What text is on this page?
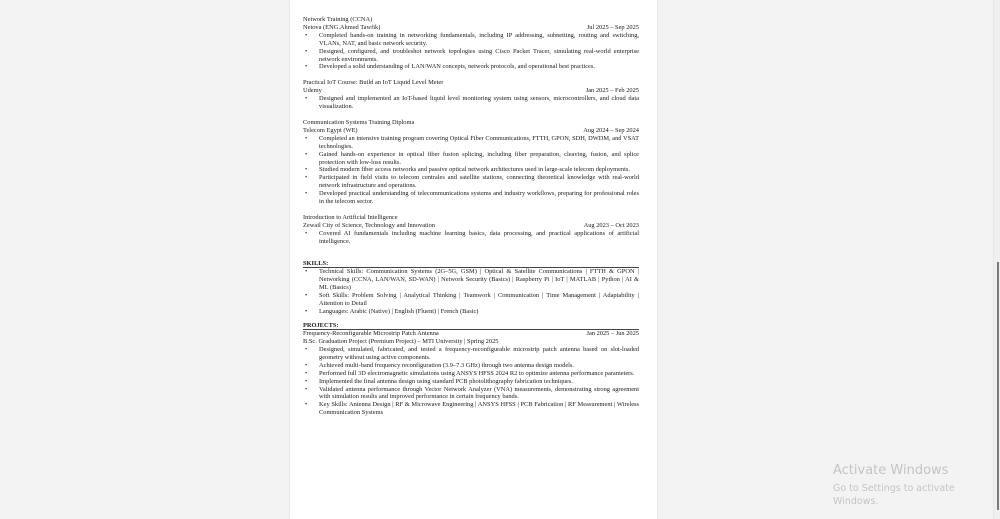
Network Training (CCNA)
Netova (ENG.Ahmed Tawfik)	Jul 2025 – Sep 2025
• Completed hands-on training in networking fundamentals, including IP addressing, subnetting, routing and switching, VLANs, NAT, and basic network security.
• Designed, configured, and troubleshot network topologies using Cisco Packet Tracer, simulating real-world enterprise network environments.
• Developed a solid understanding of LAN/WAN concepts, network protocols, and operational best practices.
Practical IoT Course: Build an IoT Liquid Level Meter
Udemy	Jan 2025 – Feb 2025
• Designed and implemented an IoT-based liquid level monitoring system using sensors, microcontrollers, and cloud data visualization.
Communication Systems Training Diploma
Telecom Egypt (WE)	Aug 2024 – Sep 2024
• Completed an intensive training program covering Optical Fiber Communications, FTTH, GPON, SDH, DWDM, and VSAT technologies.
• Gained hands-on experience in optical fiber fusion splicing, including fiber preparation, cleaving, fusion, and splice protection with low-loss results.
• Studied modern fiber access networks and passive optical network architectures used in large-scale telecom deployments.
• Participated in field visits to telecom centrales and satellite stations, connecting theoretical knowledge with real-world network infrastructure and operations.
• Developed practical understanding of telecommunications systems and industry workflows, preparing for professional roles in the telecom sector.
Introduction to Artificial Intelligence
Zewail City of Science, Technology and Innovation	Aug 2023 – Oct 2023
• Covered AI fundamentals including machine learning basics, data processing, and practical applications of artificial intelligence.
SKILLS:
• Technical Skills: Communication Systems (2G–5G, GSM) | Optical & Satellite Communications | FTTH & GPON | Networking (CCNA, LAN/WAN, SD-WAN) | Network Security (Basics) | Raspberry Pi | IoT | MATLAB | Python | AI & ML (Basics)
• Soft Skills: Problem Solving | Analytical Thinking | Teamwork | Communication | Time Management | Adaptability | Attention to Detail
• Languages: Arabic (Native) | English (Fluent) | French (Basic)
PROJECTS:
Frequency-Reconfigurable Microstrip Patch Antenna	Jan 2025 – Jun 2025
B.Sc. Graduation Project (Premium Project) – MTI University | Spring 2025
• Designed, simulated, fabricated, and tested a frequency-reconfigurable microstrip patch antenna based on slot-loaded geometry without using active components.
• Achieved multi-band frequency reconfiguration (3.9–7.3 GHz) through two antenna design models.
• Performed full 3D electromagnetic simulations using ANSYS HFSS 2024 R2 to optimize antenna performance parameters.
• Implemented the final antenna design using standard PCB photolithography fabrication techniques.
• Validated antenna performance through Vector Network Analyzer (VNA) measurements, demonstrating strong agreement with simulation results and improved performance in certain frequency bands.
• Key Skills: Antenna Design | RF & Microwave Engineering | ANSYS HFSS | PCB Fabrication | RF Measurement | Wireless Communication Systems
Activate Windows
Go to Settings to activate Windows.
